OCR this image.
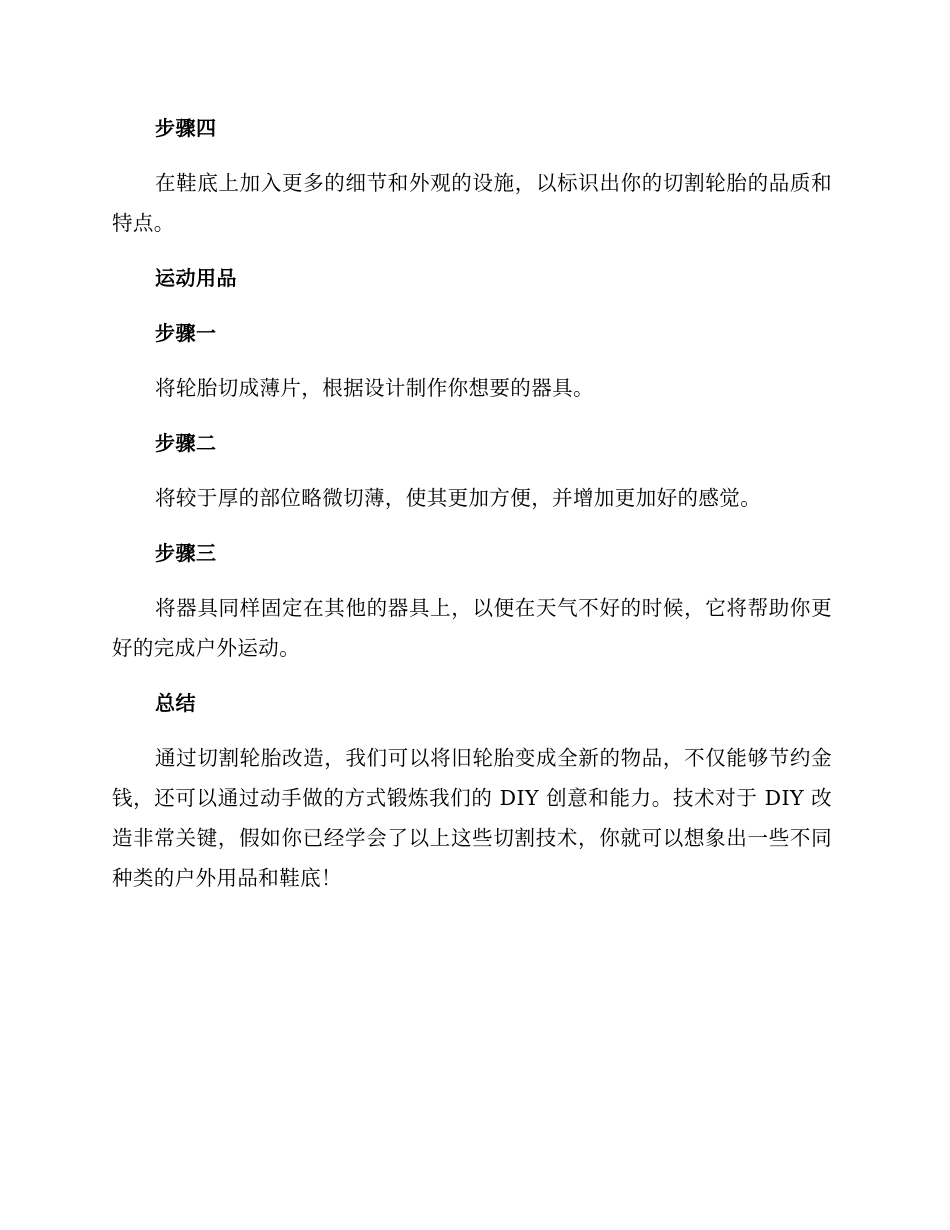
步骤四

在鞋底上加入更多的细节和外观的设施，以标识出你的切割轮胎的品质和特点。

运动用品
步骤一

将轮胎切成薄片，根据设计制作你想要的器具。

步骤二

将较于厚的部位略微切薄，使其更加方便，并增加更加好的感觉。

步骤三

将器具同样固定在其他的器具上，以便在天气不好的时候，它将帮助你更好的完成户外运动。

总结

通过切割轮胎改造，我们可以将旧轮胎变成全新的物品，不仅能够节约金钱，还可以通过动手做的方式锻炼我们的 DIY 创意和能力。技术对于 DIY 改造非常关键，假如你已经学会了以上这些切割技术，你就可以想象出一些不同种类的户外用品和鞋底！
